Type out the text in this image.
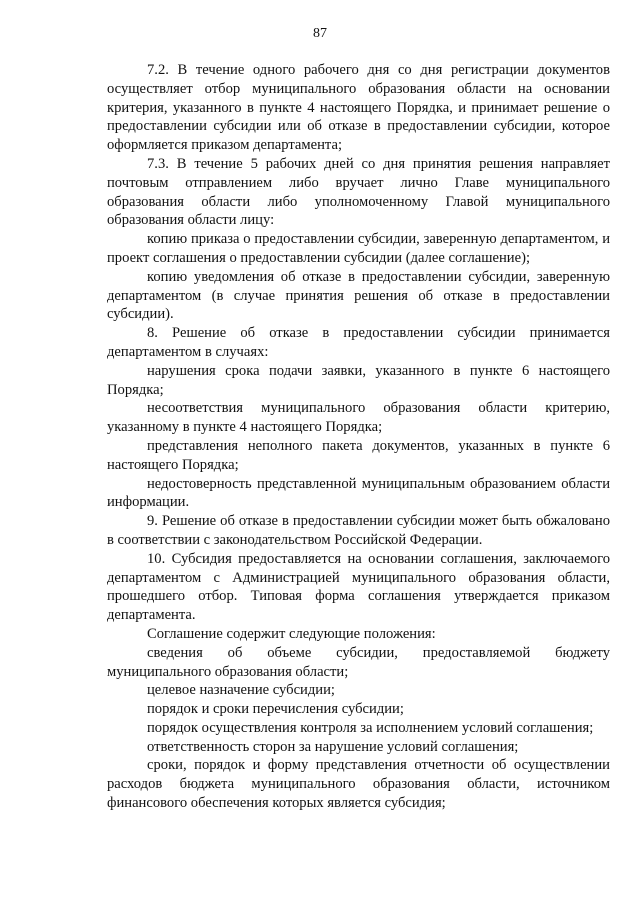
87

7.2. В течение одного рабочего дня со дня регистрации документов осуществляет отбор муниципального образования области на основании критерия, указанного в пункте 4 настоящего Порядка, и принимает решение о предоставлении субсидии или об отказе в предоставлении субсидии, которое оформляется приказом департамента;

7.3. В течение 5 рабочих дней со дня принятия решения направляет почтовым отправлением либо вручает лично Главе муниципального образования области либо уполномоченному Главой муниципального образования области лицу:

копию приказа о предоставлении субсидии, заверенную департаментом, и проект соглашения о предоставлении субсидии (далее соглашение);

копию уведомления об отказе в предоставлении субсидии, заверенную департаментом (в случае принятия решения об отказе в предоставлении субсидии).

8. Решение об отказе в предоставлении субсидии принимается департаментом в случаях:

нарушения срока подачи заявки, указанного в пункте 6 настоящего Порядка;

несоответствия муниципального образования области критерию, указанному в пункте 4 настоящего Порядка;

представления неполного пакета документов, указанных в пункте 6 настоящего Порядка;

недостоверность представленной муниципальным образованием области информации.

9. Решение об отказе в предоставлении субсидии может быть обжаловано в соответствии с законодательством Российской Федерации.

10. Субсидия предоставляется на основании соглашения, заключаемого департаментом с Администрацией муниципального образования области, прошедшего отбор. Типовая форма соглашения утверждается приказом департамента.

Соглашение содержит следующие положения:

сведения об объеме субсидии, предоставляемой бюджету муниципального образования области;

целевое назначение субсидии;

порядок и сроки перечисления субсидии;

порядок осуществления контроля за исполнением условий соглашения;

ответственность сторон за нарушение условий соглашения;

сроки, порядок и форму представления отчетности об осуществлении расходов бюджета муниципального образования области, источником финансового обеспечения которых является субсидия;
